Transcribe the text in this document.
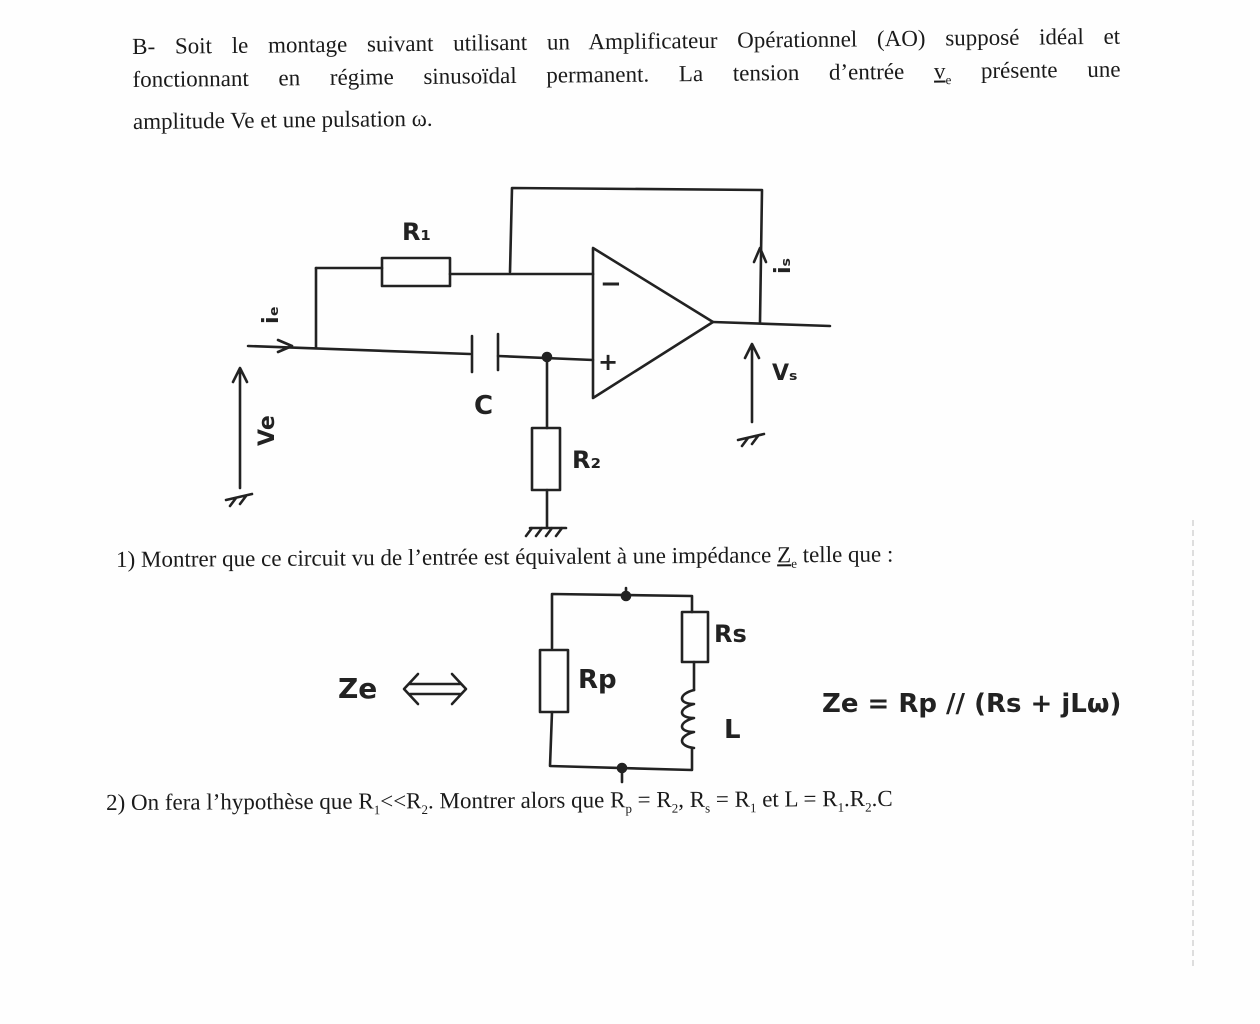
B- Soit le montage suivant utilisant un Amplificateur Opérationnel (AO) supposé idéal et
fonctionnant en régime sinusoïdal permanent. La tension d’entrée $v_e$ présente une
amplitude Ve et une pulsation ω.
R₁
C
R₂
iₑ
Ve
iₛ
Vₛ
−
+
Ze	Rp
Rs
L
Ze = Rp // (Rs + jLω)
1) Montrer que ce circuit vu de l’entrée est équivalent à une impédance $Z_e$ telle que :
2) On fera l’hypothèse que $R_1<<R_2$. Montrer alors que $R_p = R_2$, $R_s = R_1$ et $L = R_1.R_2.C$
